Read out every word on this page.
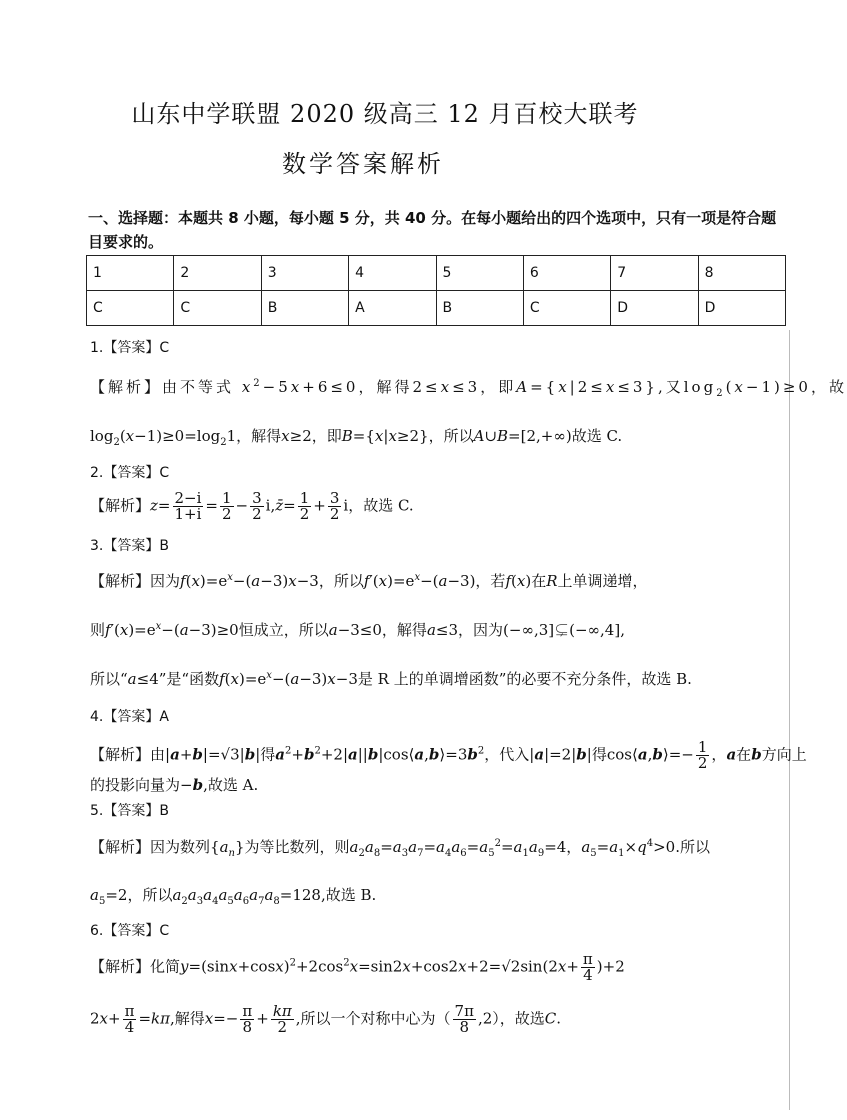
山东中学联盟 2020 级高三 12 月百校大联考
数学答案解析
一、选择题：本题共 8 小题，每小题 5 分，共 40 分。在每小题给出的四个选项中，只有一项是符合题目要求的。
1	2	3	4	5	6	7	8
C	C	B	A	B	C	D	D
1.【答案】C
【解析】由不等式 $x^2-5x+6\le 0$，解得2≤x≤3，即A={x|2≤x≤3},又$\log_2(x-1)\ge 0$，故
$\log_2(x-1)\ge 0=\log_21$，解得x≥2，即B={x|x≥2}，所以A∪B=[2,+∞)故选 C.
2.【答案】C
【解析】$z= \frac{2-i}{1+i} = \frac{1}{2} - \frac{3}{2}$ i,z̄= $\frac{1}{2} + \frac{3}{2}$ i，故选 C.
3.【答案】B
【解析】因为$f(x)=e^x-(a-3)x-3$，所以$f'(x)=e^x-(a-3)$，若f(x)在R上单调递增，
则$f'(x)=e^x-(a-3)\ge 0$恒成立，所以a−3≤0，解得a≤3，因为(−∞,3]⊊(−∞,4],
所以“a≤4”是“函数$f(x)=e^x-(a-3)x-3$是 R 上的单调增函数”的必要不充分条件，故选 B.
4.【答案】A
【解析】由|a+b|=√3|b|得$a^2+b^2+2|a||b|\cos⟨a,b⟩=3b^2$，代入|a|=2|b|得cos⟨a,b⟩=− $\frac{1}{2}$ ，a在b方向上
的投影向量为−b,故选 A.
5.【答案】B
【解析】因为数列$\{a_n\}$为等比数列，则$a_2a_8=a_3a_7=a_4a_6=a_5^2=a_1a_9=4$，$a_5=a_1\times q^4>0$.所以
$a_5=2$，所以$a_2a_3a_4a_5a_6a_7a_8=128$,故选 B.
6.【答案】C
【解析】化简$y=(\sin x+\cos x)^2+2\cos^2x=\sin 2x+\cos 2x+2=√2\sin(2x+ \frac{\pi}{4} )+2$
$2x+ \frac{\pi}{4} =k\pi$,解得$x=- \frac{\pi}{8} + \frac{k\pi}{2}$ ,所以一个对称中心为（ $\frac{7\pi}{8} ,2$），故选C.
